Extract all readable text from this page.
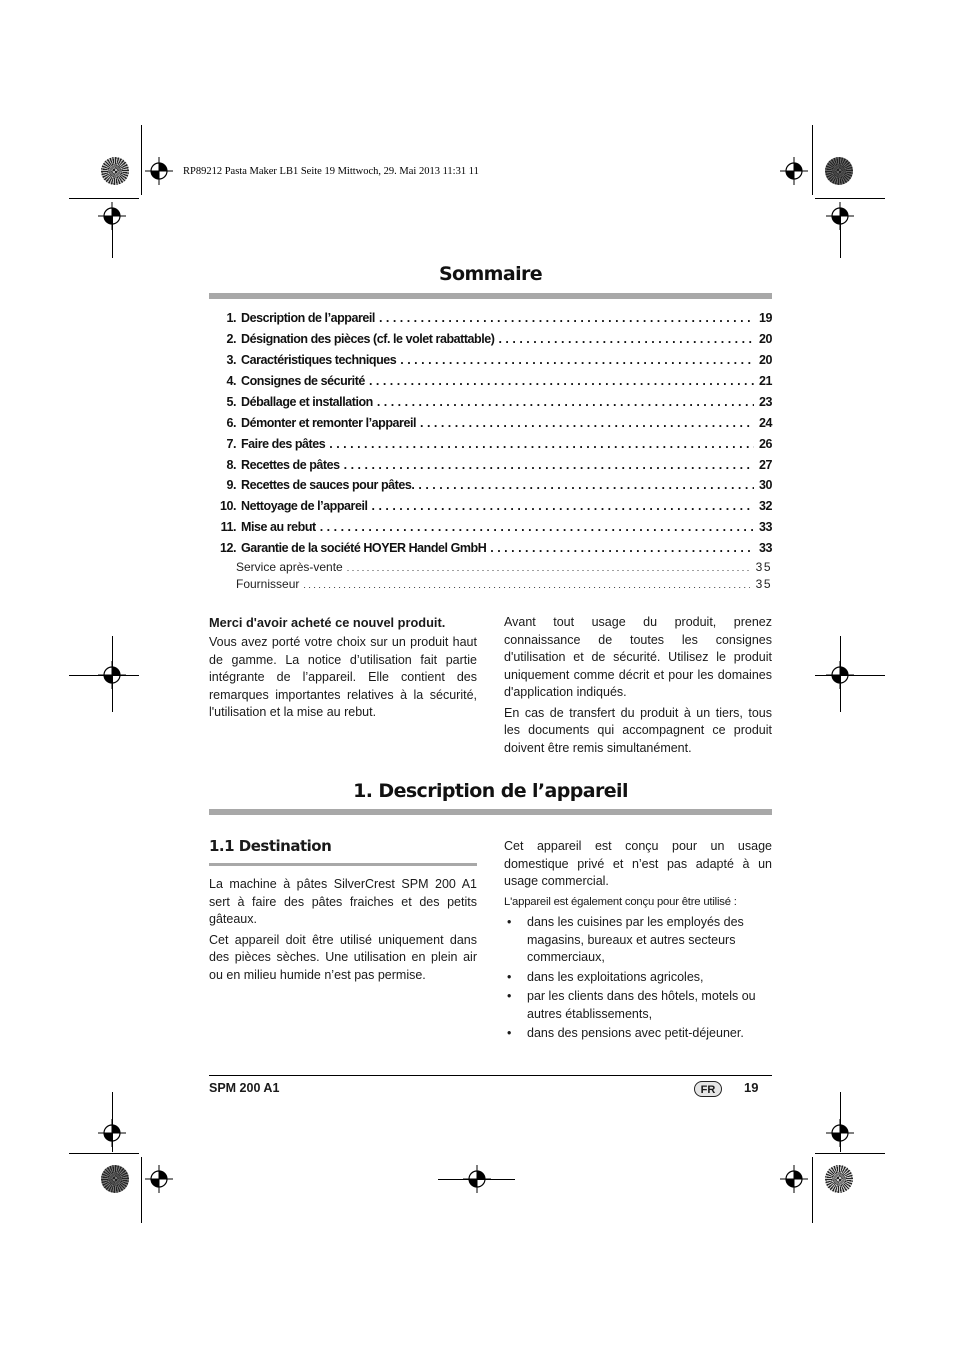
RP89212 Pasta Maker LB1 Seite 19 Mittwoch, 29. Mai 2013 11:31 11
Sommaire
1. Description de l’appareil . . .	19
2. Désignation des pièces (cf. le volet rabattable) . . .	20
3. Caractéristiques techniques . . .	20
4. Consignes de sécurité . . .	21
5. Déballage et installation . . .	23
6. Démonter et remonter l’appareil . . .	24
7. Faire des pâtes . . .	26
8. Recettes de pâtes . . .	27
9. Recettes de sauces pour pâtes. . . .	30
10. Nettoyage de l’appareil . . .	32
11. Mise au rebut . . .	33
12. Garantie de la société HOYER Handel GmbH . . .	33
Service après-vente . . .	35
Fournisseur . . .	35

Merci d'avoir acheté ce nouvel produit.

Vous avez porté votre choix sur un produit haut de gamme. La notice d’utilisation fait partie intégrante de l’appareil. Elle contient des remarques importantes relatives à la sécurité, l'utilisation et la mise au rebut.

Avant tout usage du produit, prenez connaissance de toutes les consignes d'utilisation et de sécurité. Utilisez le produit uniquement comme décrit et pour les domaines d'application indiqués.

En cas de transfert du produit à un tiers, tous les documents qui accompagnent ce produit doivent être remis simultanément.

1. Description de l’appareil
1.1 Destination

La machine à pâtes SilverCrest SPM 200 A1 sert à faire des pâtes fraiches et des petits gâteaux.

Cet appareil doit être utilisé uniquement dans des pièces sèches. Une utilisation en plein air ou en milieu humide n’est pas permise.

Cet appareil est conçu pour un usage domestique privé et n’est pas adapté à un usage commercial.

L'appareil est également conçu pour être utilisé :

• dans les cuisines par les employés des magasins, bureaux et autres secteurs commerciaux,
• dans les exploitations agricoles,
• par les clients dans des hôtels, motels ou autres établissements,
• dans des pensions avec petit-déjeuner.
SPM 200 A1	FR	19
